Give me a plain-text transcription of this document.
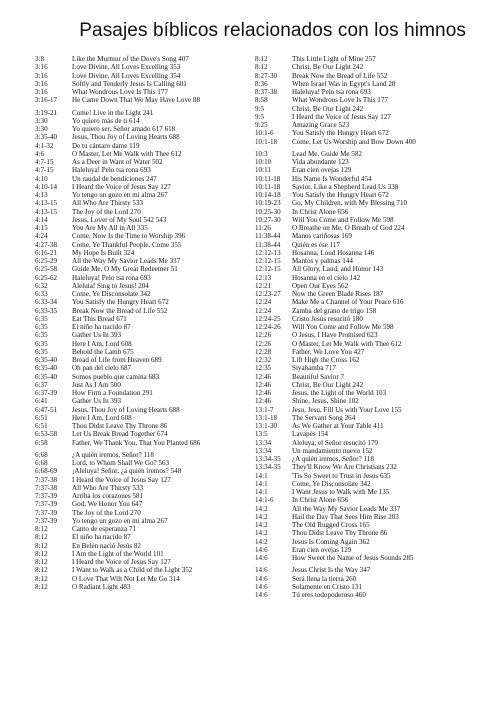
Pasajes bíblicos relacionados con los himnos
3:8	Like the Murmur of the Dove's Song 407
3:16	Love Divine, All Loves Excelling 353
3:16	Love Divine, All Loves Excelling 354
3:16	Softly and Tenderly Jesus Is Calling 601
3:16	What Wondrous Love Is This 177
3:16-17	He Came Down That We May Have Love 88
3:19-21	Come! Live in the Light 241
3:30	Yo quiero más de ti 614
3:30	Yo quiero ser, Señor amado 617 618
3:35-40	Jesus, Thou Joy of Loving Hearts 688
4:1-32	De tu cántaro dame 119
4:6	O Master, Let Me Walk with Thee 612
4:7-15	As a Deer in Want of Water 502
4:7-15	Haleluya! Pelo tsa rona 693
4:10	Un raudal de bendiciones 247
4:10-14	I Heard the Voice of Jesus Say 127
4:13	Yo tengo un gozo en mi alma 267
4:13-15	All Who Are Thirsty 533
4:13-15	The Joy of the Lord 270
4:14	Jesus, Lover of My Soul 542 543
4:15	You Are My All in All 335
4:24	Come, Now Is the Time to Worship 396
4:27-38	Come, Ye Thankful People, Come 355
6:16-21	My Hope Is Built 324
6:25-29	All the Way My Savior Leads Me 337
6:25-58	Guide Me, O My Great Redeemer 51
6:25-62	Haleluya! Pelo tsa rona 693
6:32	Aleluia! Sing to Jesus! 204
6:33	Come, Ye Disconsolate 342
6:33-34	You Satisfy the Hungry Heart 672
6:33-35	Break Now the Bread of Life 552
6:35	Eat This Bread 671
6:35	El niño ha nacido 87
6:35	Gather Us In 393
6:35	Here I Am, Lord 608
6:35	Behold the Lamb 675
6:35-40	Bread of Life from Heaven 689
6:35-40	Oh pan del cielo 687
6:35-40	Somos pueblo que camina 683
6:37	Just As I Am 500
6:37-39	How Firm a Foundation 291
6:41	Gather Us In 393
6:47-51	Jesus, Thou Joy of Loving Hearts 688
6:51	Here I Am, Lord 608
6:51	Thou Didst Leave Thy Throne 86
6:53-58	Let Us Break Bread Together 674
6:58	Father, We Thank You, That You Planted 686
6:68	¿A quién iremos, Señor? 118
6:68	Lord, to Whom Shall We Go? 563
6:68-69	¡Aleluya! Señor, ¿a quién iremos? 548
7:37-38	I Heard the Voice of Jesus Say 127
7:37-38	All Who Are Thirsty 533
7:37-39	Arriba los corazones 581
7:37-39	God, We Honor You 647
7:37-39	The Joy of the Lord 270
7:37-39	Yo tengo un gozo en mi alma 267
8:12	Canto de esperanza 71
8:12	El niño ha nacido 87
8:12	En Belén nació Jesús 82
8:12	I Am the Light of the World 101
8:12	I Heard the Voice of Jesus Say 127
8:12	I Want to Walk as a Child of the Light 352
8:12	O Love That Wilt Not Let Me Go 314
8:12	O Radiant Light 483
8:12	This Little Light of Mine 257
8:12	Christ, Be Our Light 242
8:27-30	Break Now the Bread of Life 552
8:36	When Israel Was in Egypt's Land 28
8:37-38	Haleluya! Pelo tsa rona 693
8:58	What Wondrous Love Is This 177
9:5	Christ, Be Our Light 242
9:5	I Heard the Voice of Jesus Say 127
9:25	Amazing Grace 523
10:1-6	You Satisfy the Hungry Heart 672
10:1-18	Come, Let Us Worship and Bow Down 400
10:3	Lead Me, Guide Me 582
10:10	Vida abundante 123
10:11	Eran cien ovejas 129
10:11-18	His Name Is Wonderful 454
10:11-18	Savior, Like a Shepherd Lead Us 338
10:14-18	You Satisfy the Hungry Heart 672
10:19-23	Go, My Children, with My Blessing 710
10:25-30	In Christ Alone 656
10:27-30	Will You Come and Follow Me 598
11:26	O Breathe on Me, O Breath of God 224
11:38-44	Manos cariñosas 169
11:38-44	Quién es ése 117
12:12-13	Hosanna, Loud Hosanna 146
12:12-15	Mantos y palmas 144
12:12-15	All Glory, Laud, and Honor 143
12:13	Hosanna en el cielo 142
12:21	Open Our Eyes 562
12:23-27	Now the Green Blade Rises 187
12:24	Make Me a Channel of Your Peace 616
12:24	Zamba del grano de trigo 158
12:24-25	Cristo Jesús resucitó 180
12:24-26	Will You Come and Follow Me 598
12:26	O Jesus, I Have Promised 623
12:26	O Master, Let Me Walk with Thee 612
12:28	Father, We Love You 427
12:32	Lift High the Cross 162
12:35	Siyahamba 717
12:46	Beautiful Savior 7
12:46	Christ, Be Our Light 242
12:46	Jesus, the Light of the World 103
12:46	Shine, Jesus, Shine 102
13:1-7	Jesu, Jesu, Fill Us with Your Love 155
13:1-18	The Servant Song 264
13:1-30	As We Gather at Your Table 411
13:5	Lavapés 154
13:34	Aleluya, el Señor resucitó 179
13:34	Un mandamiento nuevo 152
13:34-35	¿A quién iremos, Señor? 118
13:34-35	They'll Know We Are Christians 232
14:1	'Tis So Sweet to Trust in Jesus 635
14:1	Come, Ye Disconsolate 342
14:1	I Want Jesus to Walk with Me 135
14:1-6	In Christ Alone 656
14:2	All the Way My Savior Leads Me 337
14:2	Hail the Day That Sees Him Rise 203
14:2	The Old Rugged Cross 165
14:2	Thou Didst Leave Thy Throne 86
14:2	Jesus Is Coming Again 362
14:6	Eran cien ovejas 129
14:6	How Sweet the Name of Jesus Sounds 285
14:6	Jesus Christ Is the Way 347
14:6	Será llena la tierra 260
14:6	Solamente en Cristo 131
14:6	Tú eres todopoderoso 460
